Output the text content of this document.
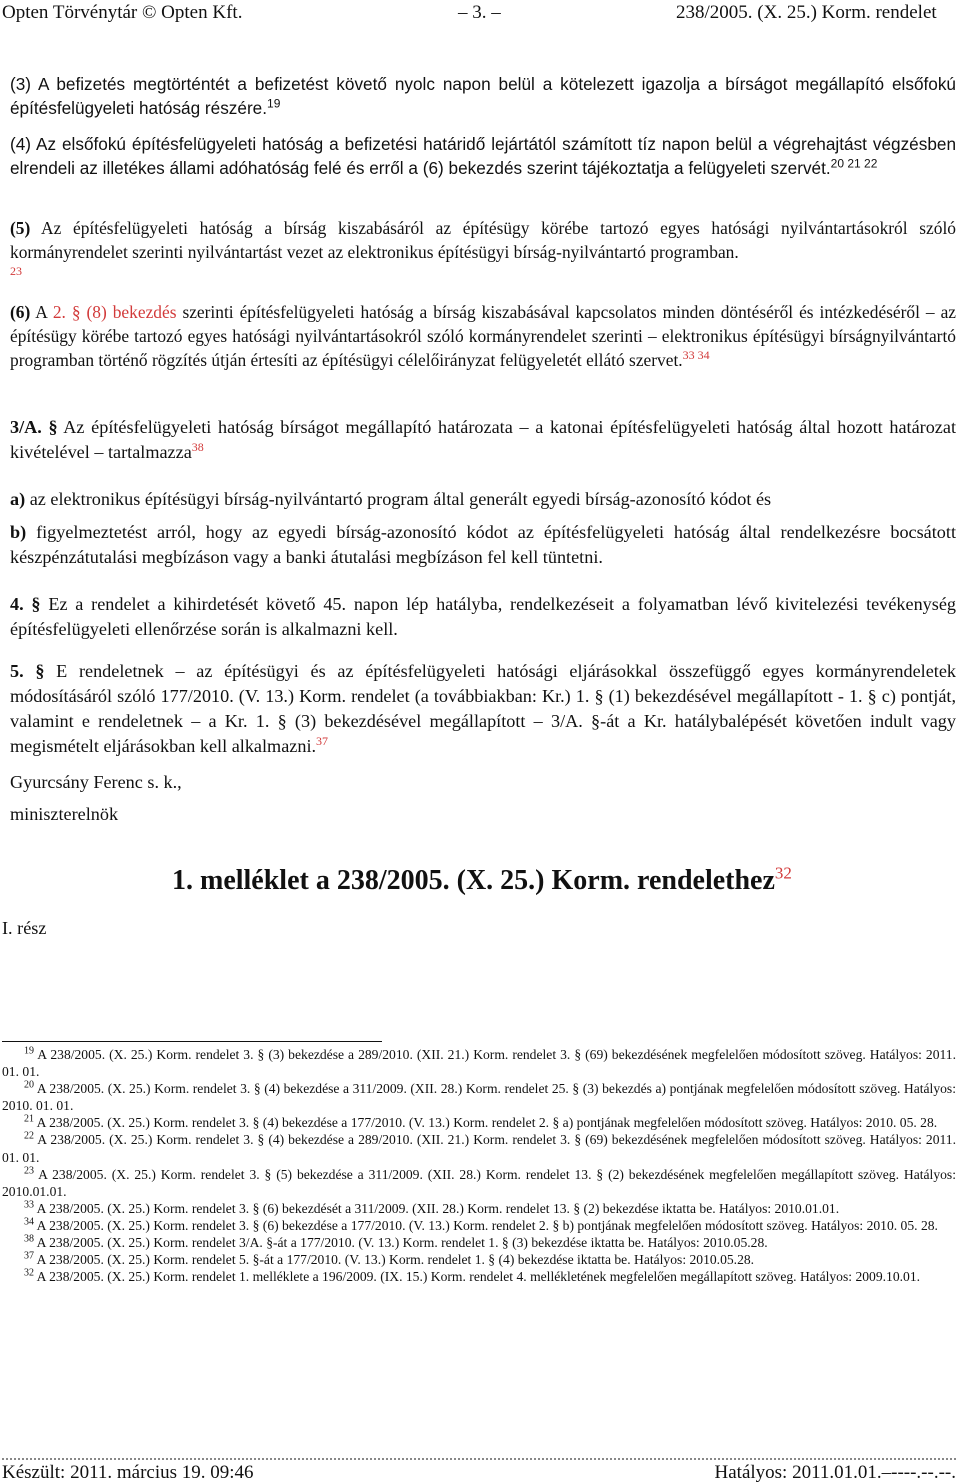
Opten Törvénytár © Opten Kft.	– 3. –	238/2005. (X. 25.) Korm. rendelet
(3) A befizetés megtörténtét a befizetést követő nyolc napon belül a kötelezett igazolja a bírságot megállapító elsőfokú építésfelügyeleti hatóság részére.$^{19}$
(4) Az elsőfokú építésfelügyeleti hatóság a befizetési határidő lejártától számított tíz napon belül a végrehajtást végzésben elrendeli az illetékes állami adóhatóság felé és erről a (6) bekezdés szerint tájékoztatja a felügyeleti szervét.$^{20 21 22}$
(5) Az építésfelügyeleti hatóság a bírság kiszabásáról az építésügy körébe tartozó egyes hatósági nyilvántartásokról szóló kormányrendelet szerinti nyilvántartást vezet az elektronikus építésügyi bírság-nyilvántartó programban.
$^{23}$
(6) A 2. § (8) bekezdés szerinti építésfelügyeleti hatóság a bírság kiszabásával kapcsolatos minden döntéséről és intézkedéséről – az építésügy körébe tartozó egyes hatósági nyilvántartásokról szóló kormányrendelet szerinti – elektronikus építésügyi bírságnyilvántartó programban történő rögzítés útján értesíti az építésügyi célelőirányzat felügyeletét ellátó szervet.$^{33 34}$
3/A. § Az építésfelügyeleti hatóság bírságot megállapító határozata – a katonai építésfelügyeleti hatóság által hozott határozat kivételével – tartalmazza$^{38}$
a) az elektronikus építésügyi bírság-nyilvántartó program által generált egyedi bírság-azonosító kódot és
b) figyelmeztetést arról, hogy az egyedi bírság-azonosító kódot az építésfelügyeleti hatóság által rendelkezésre bocsátott készpénzátutalási megbízáson vagy a banki átutalási megbízáson fel kell tüntetni.
4. § Ez a rendelet a kihirdetését követő 45. napon lép hatályba, rendelkezéseit a folyamatban lévő kivitelezési tevékenység építésfelügyeleti ellenőrzése során is alkalmazni kell.
5. § E rendeletnek – az építésügyi és az építésfelügyeleti hatósági eljárásokkal összefüggő egyes kormányrendeletek módosításáról szóló 177/2010. (V. 13.) Korm. rendelet (a továbbiakban: Kr.) 1. § (1) bekezdésével megállapított - 1. § c) pontját, valamint e rendeletnek – a Kr. 1. § (3) bekezdésével megállapított – 3/A. §-át a Kr. hatálybalépését követően indult vagy megismételt eljárásokban kell alkalmazni.$^{37}$
Gyurcsány Ferenc s. k.,
miniszterelnök
1. melléklet a 238/2005. (X. 25.) Korm. rendelethez$^{32}$
I. rész
$^{19}$ A 238/2005. (X. 25.) Korm. rendelet 3. § (3) bekezdése a 289/2010. (XII. 21.) Korm. rendelet 3. § (69) bekezdésének megfelelően módosított szöveg. Hatályos: 2011. 01. 01.
$^{20}$ A 238/2005. (X. 25.) Korm. rendelet 3. § (4) bekezdése a 311/2009. (XII. 28.) Korm. rendelet 25. § (3) bekezdés a) pontjának megfelelően módosított szöveg. Hatályos: 2010. 01. 01.
$^{21}$ A 238/2005. (X. 25.) Korm. rendelet 3. § (4) bekezdése a 177/2010. (V. 13.) Korm. rendelet 2. § a) pontjának megfelelően módosított szöveg. Hatályos: 2010. 05. 28.
$^{22}$ A 238/2005. (X. 25.) Korm. rendelet 3. § (4) bekezdése a 289/2010. (XII. 21.) Korm. rendelet 3. § (69) bekezdésének megfelelően módosított szöveg. Hatályos: 2011. 01. 01.
$^{23}$ A 238/2005. (X. 25.) Korm. rendelet 3. § (5) bekezdése a 311/2009. (XII. 28.) Korm. rendelet 13. § (2) bekezdésének megfelelően megállapított szöveg. Hatályos: 2010.01.01.
$^{33}$ A 238/2005. (X. 25.) Korm. rendelet 3. § (6) bekezdését a 311/2009. (XII. 28.) Korm. rendelet 13. § (2) bekezdése iktatta be. Hatályos: 2010.01.01.
$^{34}$ A 238/2005. (X. 25.) Korm. rendelet 3. § (6) bekezdése a 177/2010. (V. 13.) Korm. rendelet 2. § b) pontjának megfelelően módosított szöveg. Hatályos: 2010. 05. 28.
$^{38}$ A 238/2005. (X. 25.) Korm. rendelet 3/A. §-át a 177/2010. (V. 13.) Korm. rendelet 1. § (3) bekezdése iktatta be. Hatályos: 2010.05.28.
$^{37}$ A 238/2005. (X. 25.) Korm. rendelet 5. §-át a 177/2010. (V. 13.) Korm. rendelet 1. § (4) bekezdése iktatta be. Hatályos: 2010.05.28.
$^{32}$ A 238/2005. (X. 25.) Korm. rendelet 1. melléklete a 196/2009. (IX. 15.) Korm. rendelet 4. mellékletének megfelelően megállapított szöveg. Hatályos: 2009.10.01.
Készült: 2011. március 19. 09:46	Hatályos: 2011.01.01.–----.--.--.
